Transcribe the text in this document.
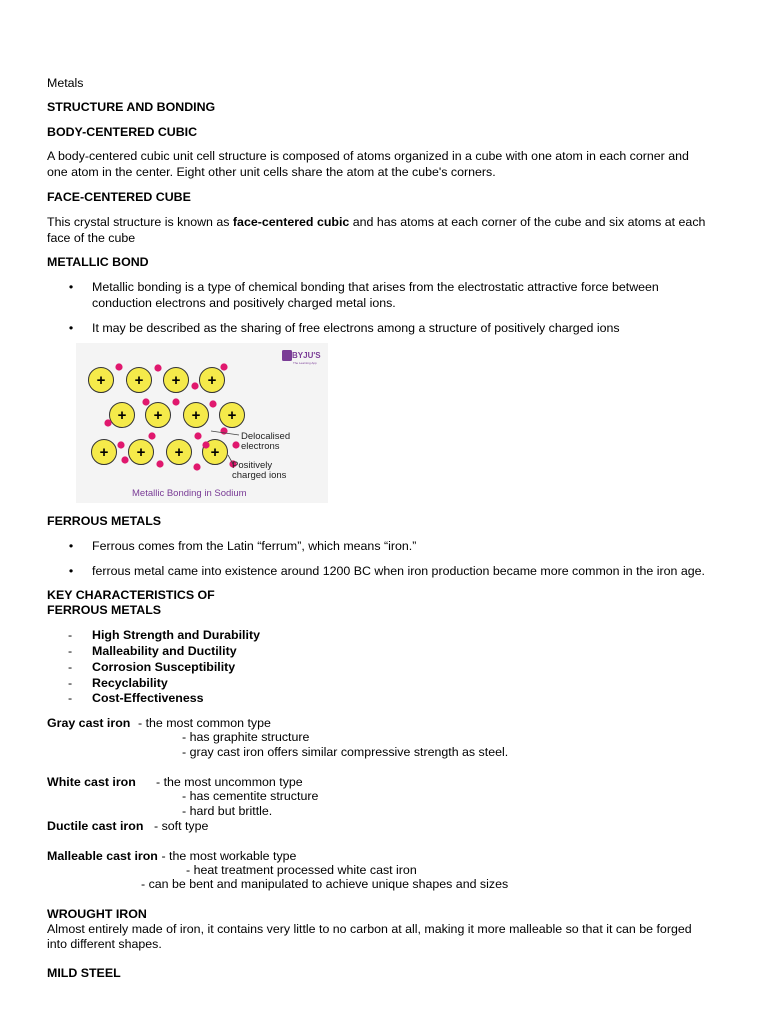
Metals
STRUCTURE AND BONDING
BODY-CENTERED CUBIC
A body-centered cubic unit cell structure is composed of atoms organized in a cube with one atom in each corner and
one atom in the center. Eight other unit cells share the atom at the cube's corners.
FACE-CENTERED CUBE
This crystal structure is known as face-centered cubic and has atoms at each corner of the cube and six atoms at each
face of the cube
METALLIC BOND
• Metallic bonding is a type of chemical bonding that arises from the electrostatic attractive force between
conduction electrons and positively charged metal ions.
• It may be described as the sharing of free electrons among a structure of positively charged ions
BYJU'S
The Learning App
+ + + +
+ + + +
+ + + +
Delocalised
electrons
Positively
charged ions
Metallic Bonding in Sodium
FERROUS METALS
• Ferrous comes from the Latin “ferrum”, which means “iron.”
• ferrous metal came into existence around 1200 BC when iron production became more common in the iron age.
KEY CHARACTERISTICS OF
FERROUS METALS
- High Strength and Durability
- Malleability and Ductility
- Corrosion Susceptibility
- Recyclability
- Cost-Effectiveness
Gray cast iron - the most common type
- has graphite structure
- gray cast iron offers similar compressive strength as steel.
White cast iron - the most uncommon type
- has cementite structure
- hard but brittle.
Ductile cast iron - soft type
Malleable cast iron - the most workable type
- heat treatment processed white cast iron
- can be bent and manipulated to achieve unique shapes and sizes
WROUGHT IRON
Almost entirely made of iron, it contains very little to no carbon at all, making it more malleable so that it can be forged
into different shapes.
MILD STEEL
